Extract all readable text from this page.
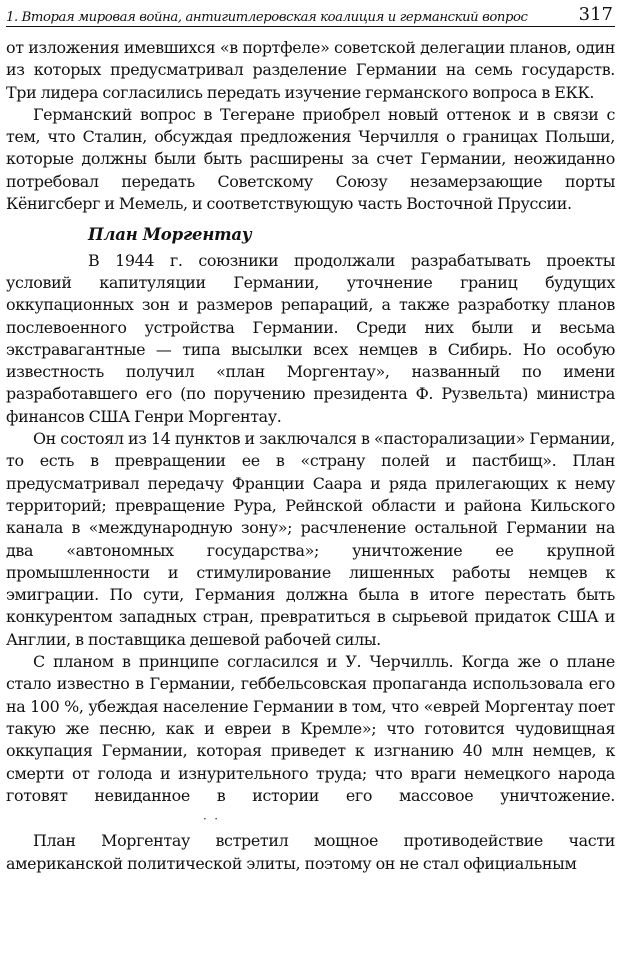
1. Вторая мировая война, антигитлеровская коалиция и германский вопрос	317

от изложения имевшихся «в портфеле» советской делегации планов, один из которых предусматривал разделение Германии на семь государств. Три лидера согласились передать изучение германского вопроса в ЕКК.

Германский вопрос в Тегеране приобрел новый оттенок и в связи с тем, что Сталин, обсуждая предложения Черчилля о границах Польши, которые должны были быть расширены за счет Германии, неожиданно потребовал передать Советскому Союзу незамерзающие порты Кёнигсберг и Мемель, и соответствующую часть Восточной Пруссии.

План Моргентау

В 1944 г. союзники продолжали разрабатывать проекты условий капитуляции Германии, уточнение границ будущих оккупационных зон и размеров репараций, а также разработку планов послевоенного устройства Германии. Среди них были и весьма экстравагантные — типа высылки всех немцев в Сибирь. Но особую известность получил «план Моргентау», названный по имени разработавшего его (по поручению президента Ф. Рузвельта) министра финансов США Генри Моргентау.

Он состоял из 14 пунктов и заключался в «пасторализации» Германии, то есть в превращении ее в «страну полей и пастбищ». План предусматривал передачу Франции Саара и ряда прилегающих к нему территорий; превращение Рура, Рейнской области и района Кильского канала в «международную зону»; расчленение остальной Германии на два «автономных государства»; уничтожение ее крупной промышленности и стимулирование лишенных работы немцев к эмиграции. По сути, Германия должна была в итоге перестать быть конкурентом западных стран, превратиться в сырьевой придаток США и Англии, в поставщика дешевой рабочей силы.

С планом в принципе согласился и У. Черчилль. Когда же о плане стало известно в Германии, геббельсовская пропаганда использовала его на 100 %, убеждая население Германии в том, что «еврей Моргентау поет такую же песню, как и евреи в Кремле»; что готовится чудовищная оккупация Германии, которая приведет к изгнанию 40 млн немцев, к смерти от голода и изнурительного труда; что враги немецкого народа готовят невиданное в истории его массовое уничтожение.· ·

План Моргентау встретил мощное противодействие части американской политической элиты, поэтому он не стал официальным
